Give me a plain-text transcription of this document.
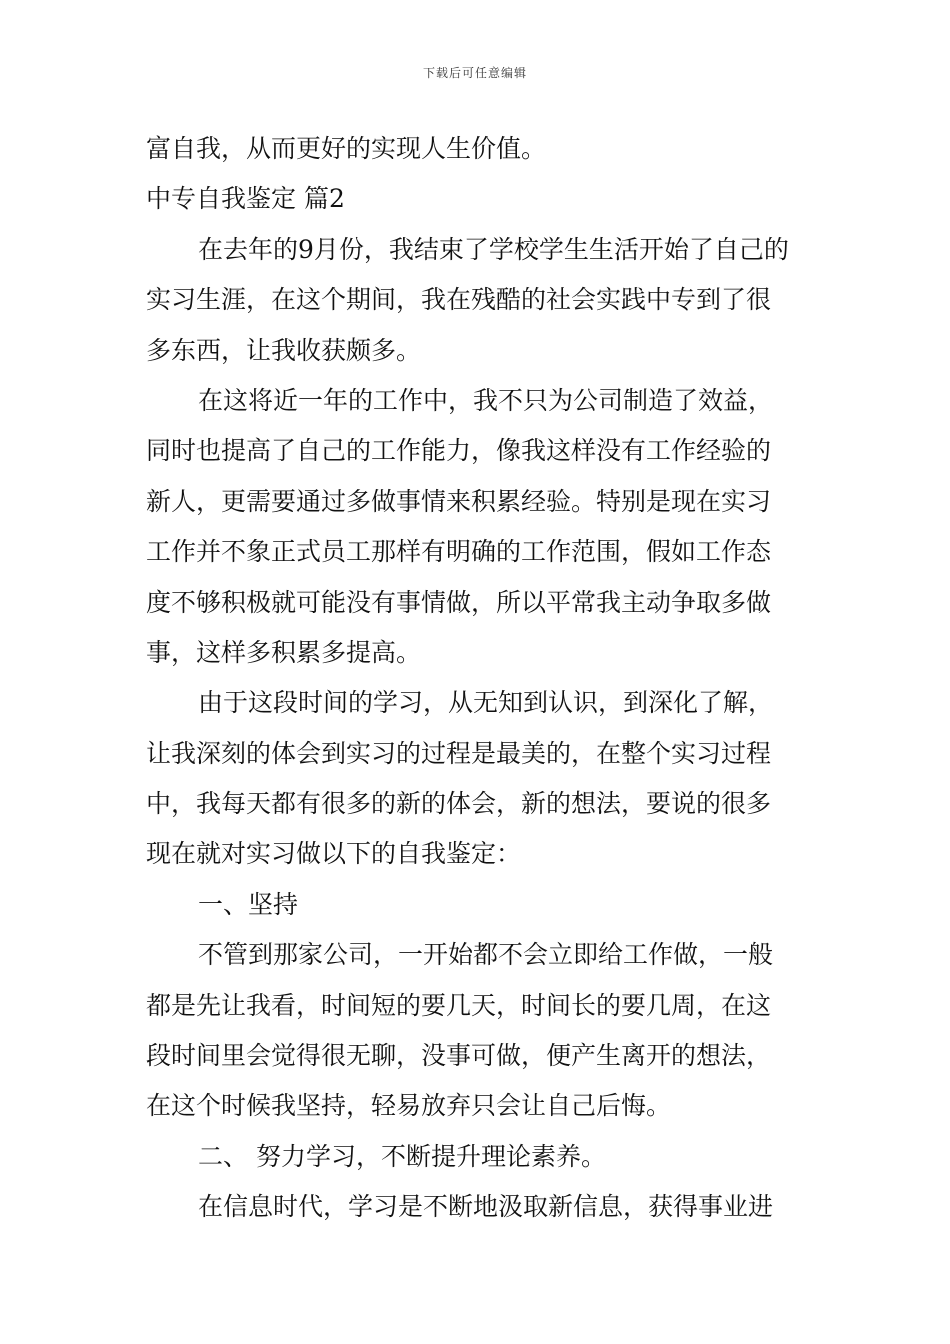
下载后可任意编辑
富自我，从而更好的实现人生价值。
中专自我鉴定 篇2
在去年的9月份，我结束了学校学生生活开始了自己的
实习生涯，在这个期间，我在残酷的社会实践中专到了很
多东西，让我收获颇多。
在这将近一年的工作中，我不只为公司制造了效益，
同时也提高了自己的工作能力，像我这样没有工作经验的
新人，更需要通过多做事情来积累经验。特别是现在实习
工作并不象正式员工那样有明确的工作范围，假如工作态
度不够积极就可能没有事情做，所以平常我主动争取多做
事，这样多积累多提高。
由于这段时间的学习，从无知到认识，到深化了解，
让我深刻的体会到实习的过程是最美的，在整个实习过程
中，我每天都有很多的新的体会，新的想法，要说的很多
现在就对实习做以下的自我鉴定：
一、坚持
不管到那家公司，一开始都不会立即给工作做，一般
都是先让我看，时间短的要几天，时间长的要几周，在这
段时间里会觉得很无聊，没事可做，便产生离开的想法，
在这个时候我坚持，轻易放弃只会让自己后悔。
二、 努力学习，不断提升理论素养。
在信息时代，学习是不断地汲取新信息，获得事业进
